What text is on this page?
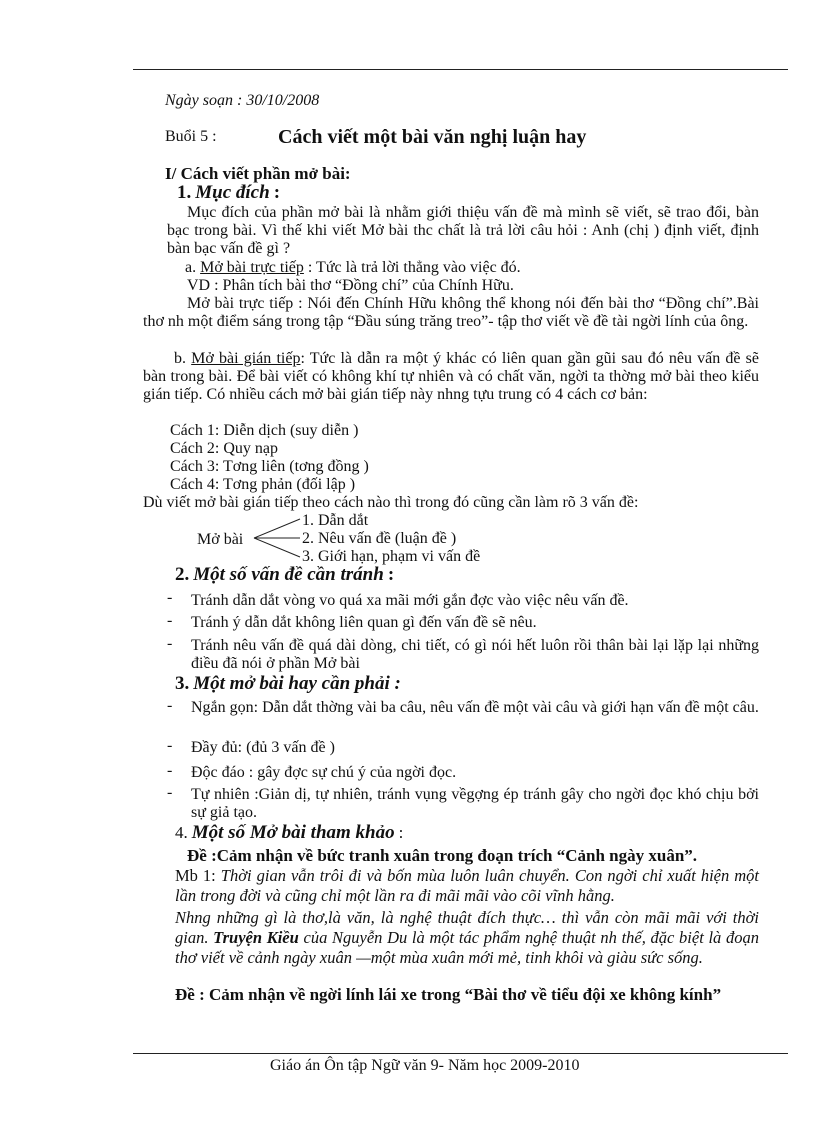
Ngày soạn : 30/10/2008
Buổi 5 :	Cách viết một bài văn nghị luận hay
I/ Cách viết phần mở bài:
1. Mục đích :
Mục đích của phần mở bài là nhằm giới thiệu vấn đề mà mình sẽ viết, sẽ trao đổi, bàn bạc trong bài. Vì thế khi viết Mở bài thc chất là trả lời câu hỏi : Anh (chị ) định viết, định bàn bạc vấn đề gì ?
a. Mở bài trực tiếp : Tức là trả lời thẳng vào việc đó.
VD : Phân tích bài thơ “Đồng chí” của Chính Hữu.
Mở bài trực tiếp : Nói đến Chính Hữu không thể khong nói đến bài thơ “Đồng chí”.Bài thơ nh một điểm sáng trong tập “Đầu súng trăng treo”- tập thơ viết về đề tài ngời lính của ông.
b. Mở bài gián tiếp: Tức là dẫn ra một ý khác có liên quan gần gũi sau đó nêu vấn đề sẽ bàn trong bài. Để bài viết có không khí tự nhiên và có chất văn, ngời ta thờng mở bài theo kiểu gián tiếp. Có nhiều cách mở bài gián tiếp này nhng tựu trung có 4 cách cơ bản:
Cách 1: Diễn dịch (suy diễn )
Cách 2: Quy nạp
Cách 3: Tơng liên (tơng đồng )
Cách 4: Tơng phản (đối lập )
Dù viết mở bài gián tiếp theo cách nào thì trong đó cũng cần làm rõ 3 vấn đề:
Mở bài
1. Dẫn dắt
2. Nêu vấn đề (luận đề )
3. Giới hạn, phạm vi vấn đề
2. Một số vấn đề cần tránh :
- Tránh dẫn dắt vòng vo quá xa mãi mới gắn đợc vào việc nêu vấn đề.
- Tránh ý dẫn dắt không liên quan gì đến vấn đề sẽ nêu.
- Tránh nêu vấn đề quá dài dòng, chi tiết, có gì nói hết luôn rồi thân bài lại lặp lại những điều đã nói ở phần Mở bài
3. Một mở bài hay cần phải :
- Ngắn gọn: Dẫn dắt thờng vài ba câu, nêu vấn đề một vài câu và giới hạn vấn đề một câu.
- Đầy đủ: (đủ 3 vấn đề )
- Độc đáo : gây đợc sự chú ý của ngời đọc.
- Tự nhiên :Giản dị, tự nhiên, tránh vụng vềgợng ép tránh gây cho ngời đọc khó chịu bởi sự giả tạo.
4. Một số Mở bài tham khảo :
Đề :Cảm nhận về bức tranh xuân trong đoạn trích “Cảnh ngày xuân”.
Mb 1: Thời gian vẫn trôi đi và bốn mùa luôn luân chuyển. Con ngời chỉ xuất hiện một lần trong đời và cũng chỉ một lần ra đi mãi mãi vào cõi vĩnh hằng.
Nhng những gì là thơ,là văn, là nghệ thuật đích thực… thì vẫn còn mãi mãi với thời gian. Truyện Kiều của Nguyễn Du là một tác phẩm nghệ thuật nh thế, đặc biệt là đoạn thơ viết về cảnh ngày xuân —một mùa xuân mới mẻ, tinh khôi và giàu sức sống.
Đề : Cảm nhận về ngời lính lái xe trong “Bài thơ về tiểu đội xe không kính”
Giáo án Ôn tập Ngữ văn 9- Năm học 2009-2010
